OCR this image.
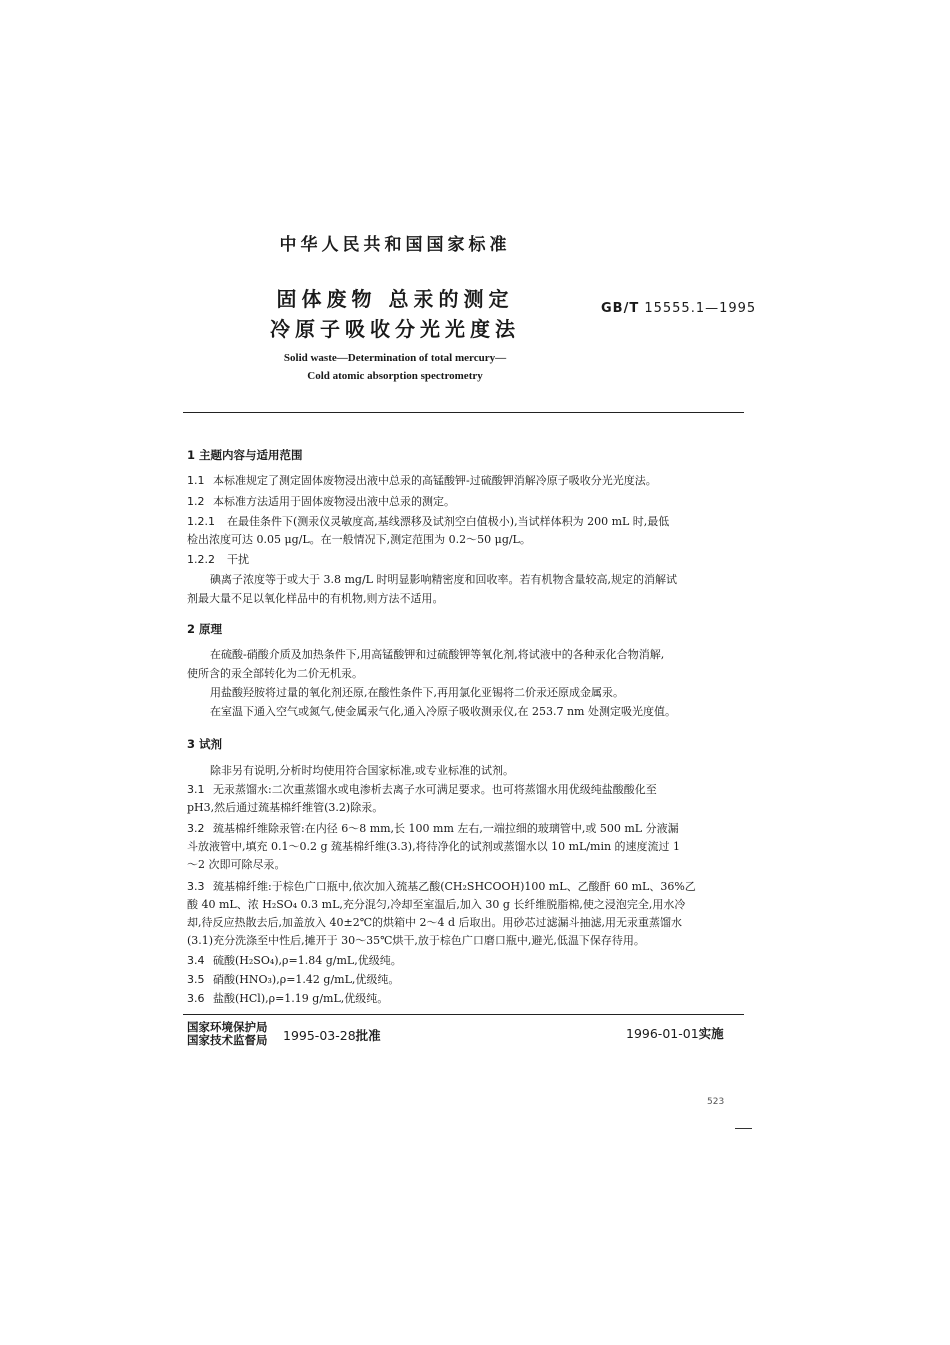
中华人民共和国国家标准
固体废物 总汞的测定
冷原子吸收分光光度法
GB/T 15555.1—1995
Solid waste—Determination of total mercury—
Cold atomic absorption spectrometry
1 主题内容与适用范围
1.1 本标准规定了测定固体废物浸出液中总汞的高锰酸钾-过硫酸钾消解冷原子吸收分光光度法。
1.2 本标准方法适用于固体废物浸出液中总汞的测定。
1.2.1 在最佳条件下(测汞仪灵敏度高,基线漂移及试剂空白值极小),当试样体积为 200 mL 时,最低
检出浓度可达 0.05 μg/L。在一般情况下,测定范围为 0.2～50 μg/L。
1.2.2 干扰
碘离子浓度等于或大于 3.8 mg/L 时明显影响精密度和回收率。若有机物含量较高,规定的消解试
剂最大量不足以氧化样品中的有机物,则方法不适用。
2 原理
在硫酸-硝酸介质及加热条件下,用高锰酸钾和过硫酸钾等氧化剂,将试液中的各种汞化合物消解,
使所含的汞全部转化为二价无机汞。
用盐酸羟胺将过量的氧化剂还原,在酸性条件下,再用氯化亚锡将二价汞还原成金属汞。
在室温下通入空气或氮气,使金属汞气化,通入冷原子吸收测汞仪,在 253.7 nm 处测定吸光度值。
3 试剂
除非另有说明,分析时均使用符合国家标准,或专业标准的试剂。
3.1 无汞蒸馏水:二次重蒸馏水或电渗析去离子水可满足要求。也可将蒸馏水用优级纯盐酸酸化至
pH3,然后通过巯基棉纤维管(3.2)除汞。
3.2 巯基棉纤维除汞管:在内径 6～8 mm,长 100 mm 左右,一端拉细的玻璃管中,或 500 mL 分液漏
斗放液管中,填充 0.1～0.2 g 巯基棉纤维(3.3),将待净化的试剂或蒸馏水以 10 mL/min 的速度流过 1
～2 次即可除尽汞。
3.3 巯基棉纤维:于棕色广口瓶中,依次加入巯基乙酸(CH₂SHCOOH)100 mL、乙酸酐 60 mL、36%乙
酸 40 mL、浓 H₂SO₄ 0.3 mL,充分混匀,冷却至室温后,加入 30 g 长纤维脱脂棉,使之浸泡完全,用水冷
却,待反应热散去后,加盖放入 40±2℃的烘箱中 2～4 d 后取出。用砂芯过滤漏斗抽滤,用无汞重蒸馏水
(3.1)充分洗涤至中性后,摊开于 30～35℃烘干,放于棕色广口磨口瓶中,避光,低温下保存待用。
3.4 硫酸(H₂SO₄),ρ=1.84 g/mL,优级纯。
3.5 硝酸(HNO₃),ρ=1.42 g/mL,优级纯。
3.6 盐酸(HCl),ρ=1.19 g/mL,优级纯。
国家环境保护局
国家技术监督局 1995-03-28批准	1996-01-01实施
523
